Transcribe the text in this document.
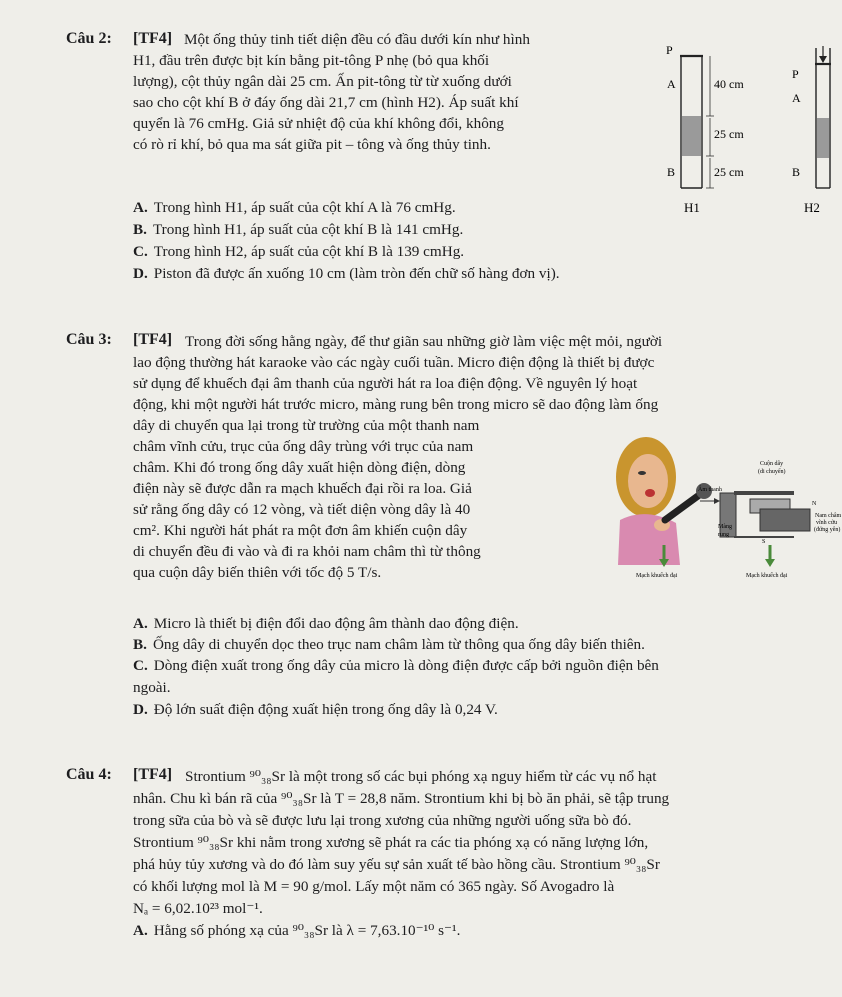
Câu 2: [TF4] Một ống thủy tinh tiết diện đều có đầu dưới kín như hình
H1, đầu trên được bịt kín bằng pit-tông P nhẹ (bỏ qua khối
lượng), cột thủy ngân dài 25 cm. Ấn pit-tông từ từ xuống dưới
sao cho cột khí B ở đáy ống dài 21,7 cm (hình H2). Áp suất khí
quyển là 76 cmHg. Giả sử nhiệt độ của khí không đổi, không
có rò rỉ khí, bỏ qua ma sát giữa pit – tông và ống thủy tinh.
P
A
B
40 cm
25 cm
25 cm
H1
P
A
B
H2
A. Trong hình H1, áp suất của cột khí A là 76 cmHg.
B. Trong hình H1, áp suất của cột khí B là 141 cmHg.
C. Trong hình H2, áp suất của cột khí B là 139 cmHg.
D. Piston đã được ấn xuống 10 cm (làm tròn đến chữ số hàng đơn vị).
Câu 3: [TF4] Trong đời sống hằng ngày, để thư giãn sau những giờ làm việc mệt mỏi, người
lao động thường hát karaoke vào các ngày cuối tuần. Micro điện động là thiết bị được
sử dụng để khuếch đại âm thanh của người hát ra loa điện động. Về nguyên lý hoạt
động, khi một người hát trước micro, màng rung bên trong micro sẽ dao động làm ống
dây di chuyển qua lại trong từ trường của một thanh nam
châm vĩnh cửu, trục của ống dây trùng với trục của nam
châm. Khi đó trong ống dây xuất hiện dòng điện, dòng
điện này sẽ được dẫn ra mạch khuếch đại rồi ra loa. Giả
sử rằng ống dây có 12 vòng, và tiết diện vòng dây là 40
cm². Khi người hát phát ra một đơn âm khiến cuộn dây
di chuyển đều đi vào và đi ra khỏi nam châm thì từ thông
qua cuộn dây biến thiên với tốc độ 5 T/s.
Cuộn dây
(di chuyển)
Âm thanh
Nam châm
vĩnh cửu
(đứng yên)
Màng
rung
N
S
Mạch khuếch đại	Mạch khuếch đại
A. Micro là thiết bị điện đổi dao động âm thành dao động điện.
B. Ống dây di chuyển dọc theo trục nam châm làm từ thông qua ống dây biến thiên.
C. Dòng điện xuất trong ống dây của micro là dòng điện được cấp bởi nguồn điện bên
ngoài.
D. Độ lớn suất điện động xuất hiện trong ống dây là 0,24 V.
Câu 4: [TF4] Strontium ⁹⁰₃₈Sr là một trong số các bụi phóng xạ nguy hiểm từ các vụ nổ hạt
nhân. Chu kì bán rã của ⁹⁰₃₈Sr là T = 28,8 năm. Strontium khi bị bò ăn phải, sẽ tập trung
trong sữa của bò và sẽ được lưu lại trong xương của những người uống sữa bò đó.
Strontium ⁹⁰₃₈Sr khi nằm trong xương sẽ phát ra các tia phóng xạ có năng lượng lớn,
phá hủy tủy xương và do đó làm suy yếu sự sản xuất tế bào hồng cầu. Strontium ⁹⁰₃₈Sr
có khối lượng mol là M = 90 g/mol. Lấy một năm có 365 ngày. Số Avogadro là
Nₐ = 6,02.10²³ mol⁻¹.
A. Hằng số phóng xạ của ⁹⁰₃₈Sr là λ = 7,63.10⁻¹⁰ s⁻¹.
